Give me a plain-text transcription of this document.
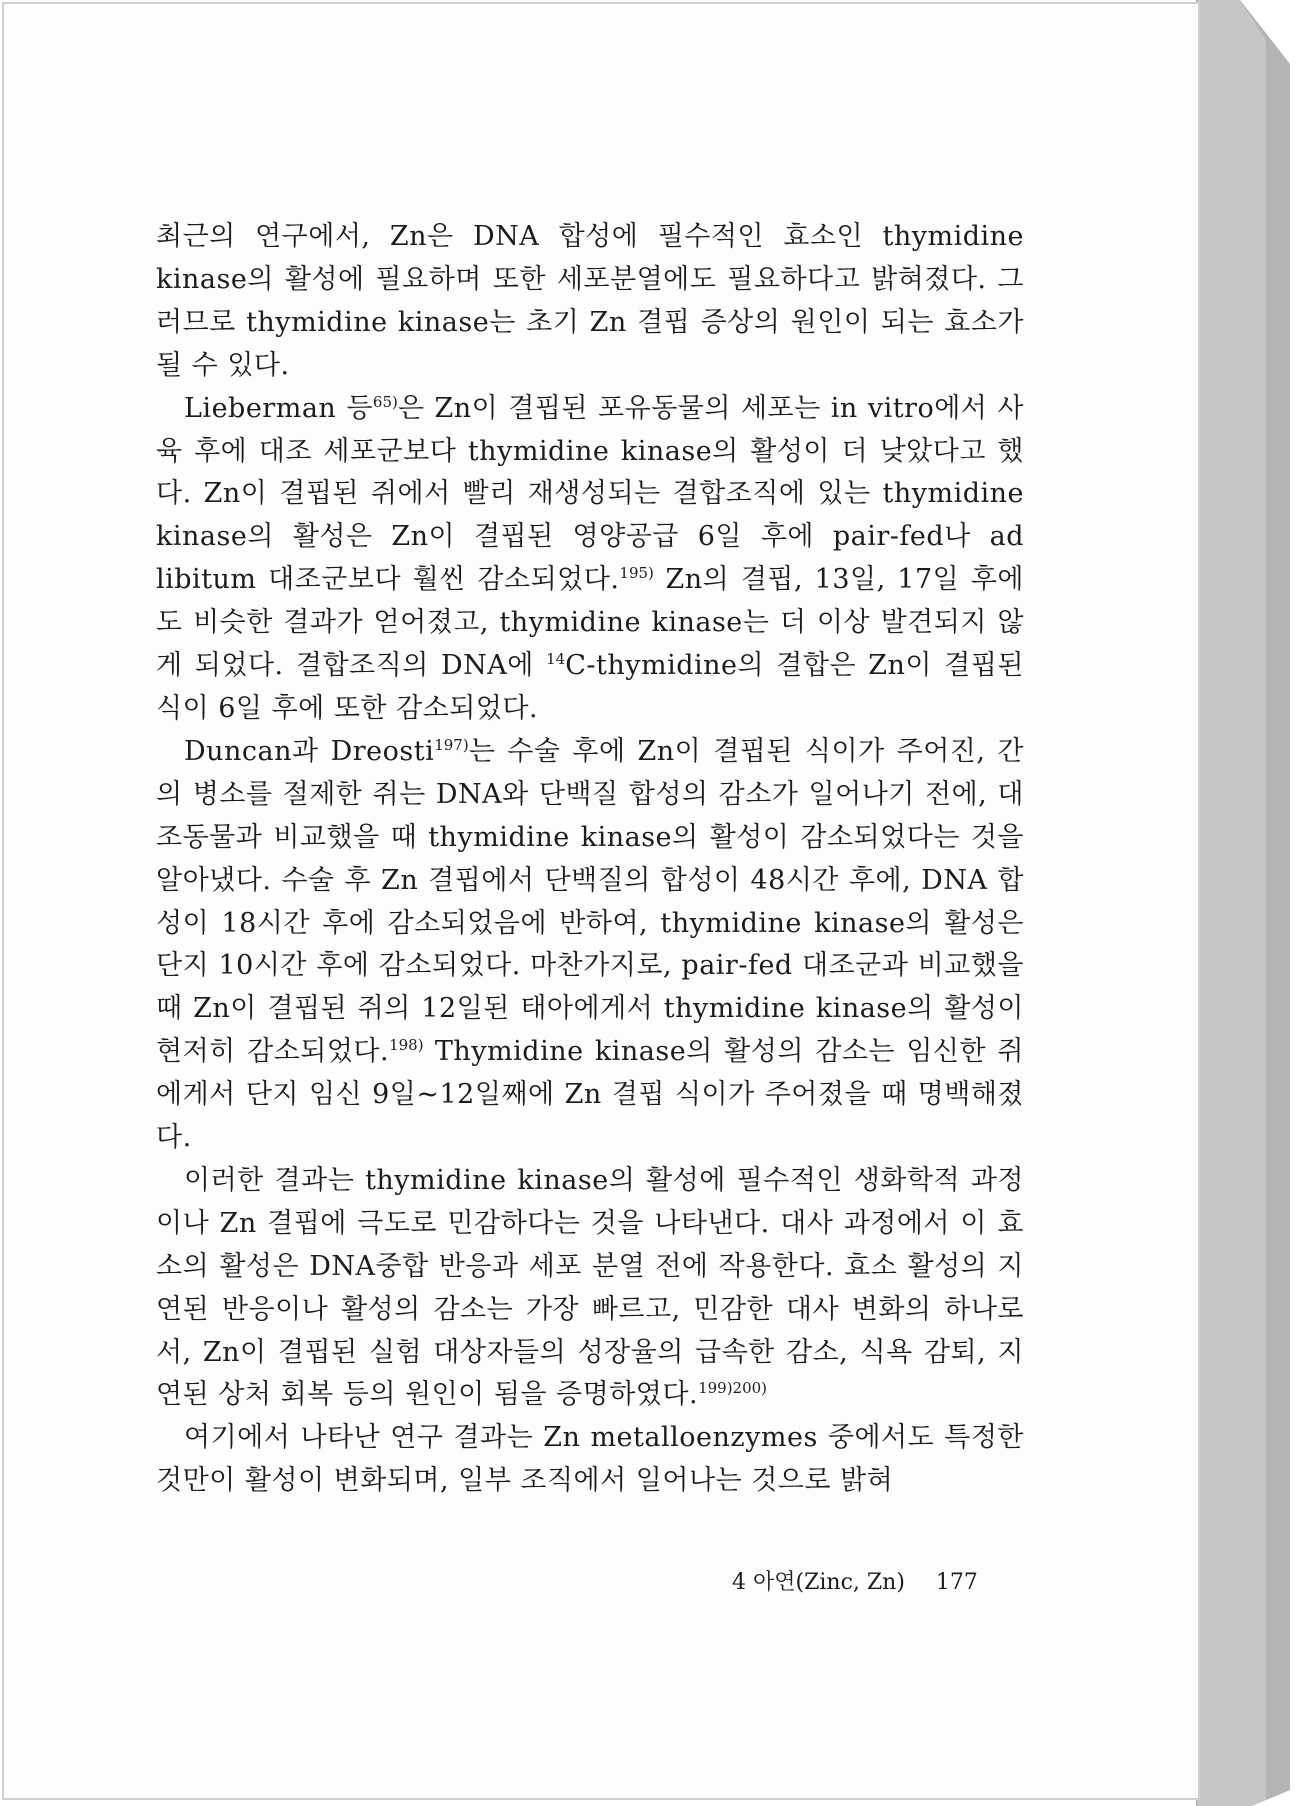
최근의 연구에서, Zn은 DNA 합성에 필수적인 효소인 thymidine kinase의 활성에 필요하며 또한 세포분열에도 필요하다고 밝혀졌다. 그러므로 thymidine kinase는 초기 Zn 결핍 증상의 원인이 되는 효소가 될 수 있다.

Lieberman 등$^{65)}$은 Zn이 결핍된 포유동물의 세포는 in vitro에서 사육 후에 대조 세포군보다 thymidine kinase의 활성이 더 낮았다고 했다. Zn이 결핍된 쥐에서 빨리 재생성되는 결합조직에 있는 thymidine kinase의 활성은 Zn이 결핍된 영양공급 6일 후에 pair-fed나 ad libitum 대조군보다 훨씬 감소되었다.$^{195)}$ Zn의 결핍, 13일, 17일 후에도 비슷한 결과가 얻어졌고, thymidine kinase는 더 이상 발견되지 않게 되었다. 결합조직의 DNA에 $^{14}$C-thymidine의 결합은 Zn이 결핍된 식이 6일 후에 또한 감소되었다.

Duncan과 Dreosti$^{197)}$는 수술 후에 Zn이 결핍된 식이가 주어진, 간의 병소를 절제한 쥐는 DNA와 단백질 합성의 감소가 일어나기 전에, 대조동물과 비교했을 때 thymidine kinase의 활성이 감소되었다는 것을 알아냈다. 수술 후 Zn 결핍에서 단백질의 합성이 48시간 후에, DNA 합성이 18시간 후에 감소되었음에 반하여, thymidine kinase의 활성은 단지 10시간 후에 감소되었다. 마찬가지로, pair-fed 대조군과 비교했을 때 Zn이 결핍된 쥐의 12일된 태아에게서 thymidine kinase의 활성이 현저히 감소되었다.$^{198)}$ Thymidine kinase의 활성의 감소는 임신한 쥐에게서 단지 임신 9일~12일째에 Zn 결핍 식이가 주어졌을 때 명백해졌다.

이러한 결과는 thymidine kinase의 활성에 필수적인 생화학적 과정이나 Zn 결핍에 극도로 민감하다는 것을 나타낸다. 대사 과정에서 이 효소의 활성은 DNA중합 반응과 세포 분열 전에 작용한다. 효소 활성의 지연된 반응이나 활성의 감소는 가장 빠르고, 민감한 대사 변화의 하나로서, Zn이 결핍된 실험 대상자들의 성장율의 급속한 감소, 식욕 감퇴, 지연된 상처 회복 등의 원인이 됨을 증명하였다.$^{199)200)}$

여기에서 나타난 연구 결과는 Zn metalloenzymes 중에서도 특정한 것만이 활성이 변화되며, 일부 조직에서 일어나는 것으로 밝혀

4 아연(Zinc, Zn) 177
